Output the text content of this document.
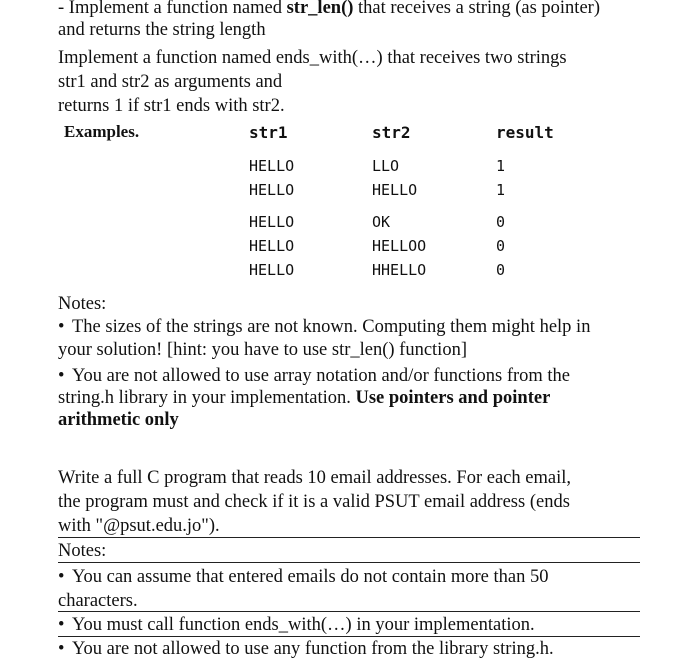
- Implement a function named str_len() that receives a string (as pointer)
and returns the string length
Implement a function named ends_with(…) that receives two strings
str1 and str2 as arguments and
returns 1 if str1 ends with str2.
Examples.	str1	str2	result
HELLO	LLO	1
HELLO	HELLO	1
HELLO	OK	0
HELLO	HELLOO	0
HELLO	HHELLO	0
Notes:
• The sizes of the strings are not known. Computing them might help in
your solution! [hint: you have to use str_len() function]
• You are not allowed to use array notation and/or functions from the
string.h library in your implementation. Use pointers and pointer
arithmetic only
Write a full C program that reads 10 email addresses. For each email,
the program must and check if it is a valid PSUT email address (ends
with "@psut.edu.jo").
Notes:
• You can assume that entered emails do not contain more than 50
characters.
• You must call function ends_with(…) in your implementation.
• You are not allowed to use any function from the library string.h.
